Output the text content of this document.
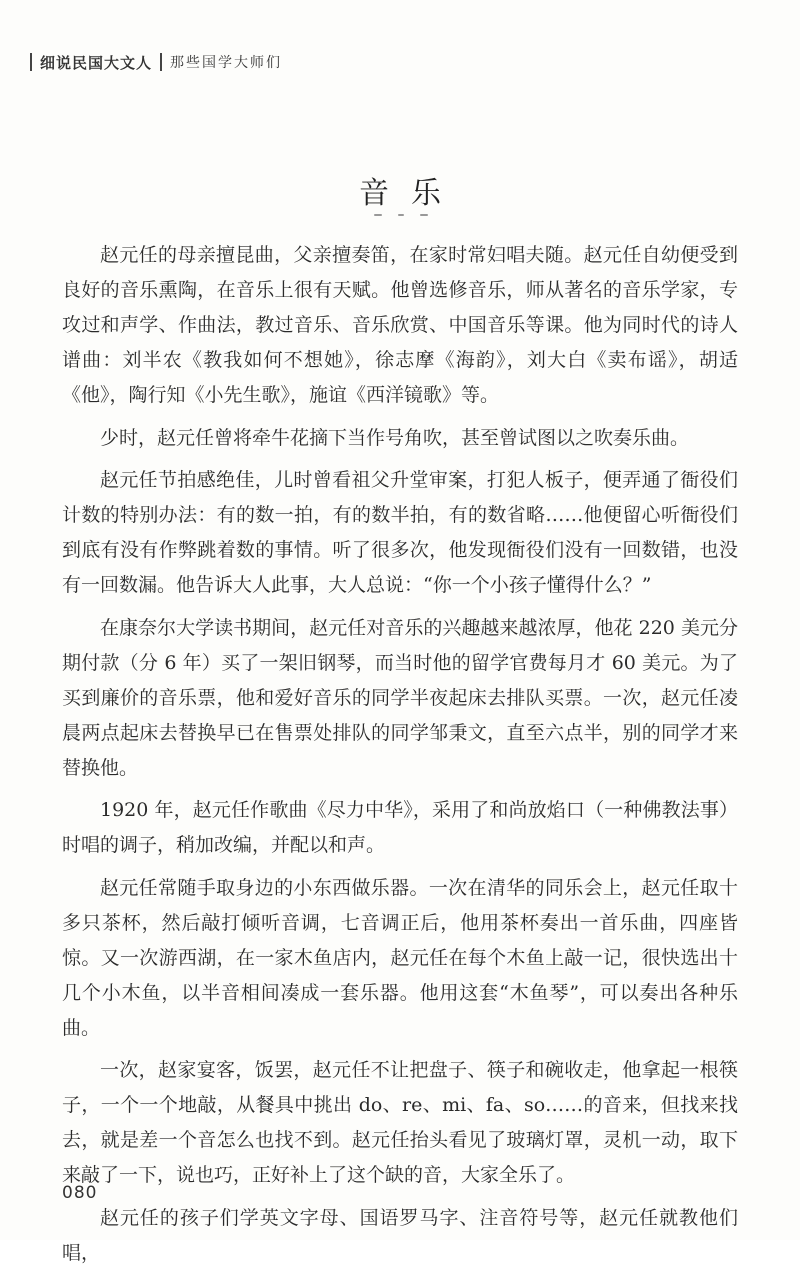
细说民国大文人 那些国学大师们
音乐

赵元任的母亲擅昆曲，父亲擅奏笛，在家时常妇唱夫随。赵元任自幼便受到良好的音乐熏陶，在音乐上很有天赋。他曾选修音乐，师从著名的音乐学家，专攻过和声学、作曲法，教过音乐、音乐欣赏、中国音乐等课。他为同时代的诗人谱曲：刘半农《教我如何不想她》，徐志摩《海韵》，刘大白《卖布谣》，胡适《他》，陶行知《小先生歌》，施谊《西洋镜歌》等。

少时，赵元任曾将牵牛花摘下当作号角吹，甚至曾试图以之吹奏乐曲。

赵元任节拍感绝佳，儿时曾看祖父升堂审案，打犯人板子，便弄通了衙役们计数的特别办法：有的数一拍，有的数半拍，有的数省略……他便留心听衙役们到底有没有作弊跳着数的事情。听了很多次，他发现衙役们没有一回数错，也没有一回数漏。他告诉大人此事，大人总说：“你一个小孩子懂得什么？”

在康奈尔大学读书期间，赵元任对音乐的兴趣越来越浓厚，他花 220 美元分期付款（分 6 年）买了一架旧钢琴，而当时他的留学官费每月才 60 美元。为了买到廉价的音乐票，他和爱好音乐的同学半夜起床去排队买票。一次，赵元任凌晨两点起床去替换早已在售票处排队的同学邹秉文，直至六点半，别的同学才来替换他。

1920 年，赵元任作歌曲《尽力中华》，采用了和尚放焰口（一种佛教法事）时唱的调子，稍加改编，并配以和声。

赵元任常随手取身边的小东西做乐器。一次在清华的同乐会上，赵元任取十多只茶杯，然后敲打倾听音调，七音调正后，他用茶杯奏出一首乐曲，四座皆惊。又一次游西湖，在一家木鱼店内，赵元任在每个木鱼上敲一记，很快选出十几个小木鱼，以半音相间凑成一套乐器。他用这套“木鱼琴”，可以奏出各种乐曲。

一次，赵家宴客，饭罢，赵元任不让把盘子、筷子和碗收走，他拿起一根筷子，一个一个地敲，从餐具中挑出 do、re、mi、fa、so……的音来，但找来找去，就是差一个音怎么也找不到。赵元任抬头看见了玻璃灯罩，灵机一动，取下来敲了一下，说也巧，正好补上了这个缺的音，大家全乐了。

赵元任的孩子们学英文字母、国语罗马字、注音符号等，赵元任就教他们唱，

080
